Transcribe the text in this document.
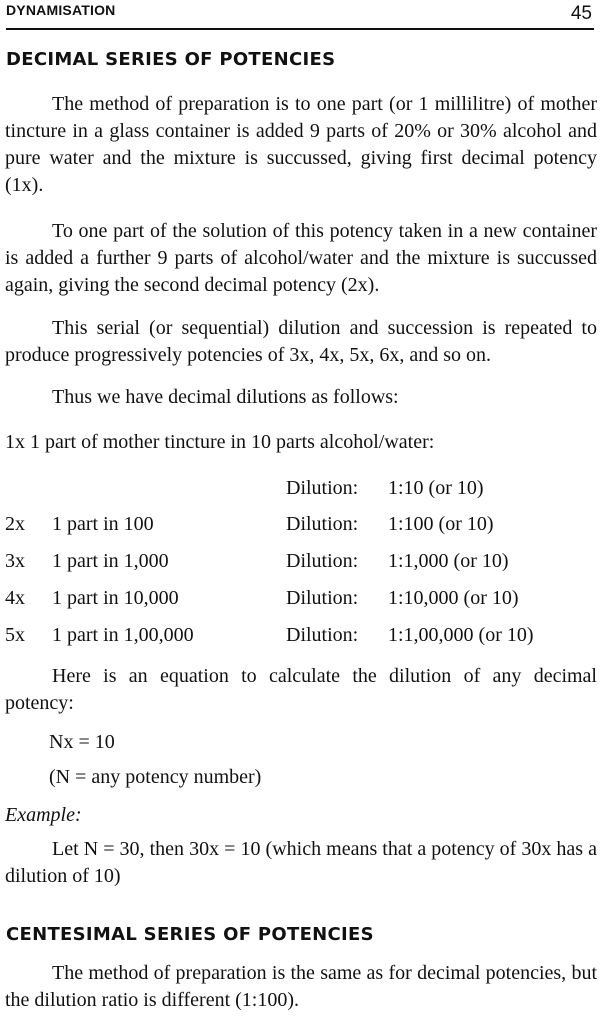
DYNAMISATION	45
DECIMAL SERIES OF POTENCIES

The method of preparation is to one part (or 1 millilitre) of mother tincture in a glass container is added 9 parts of 20% or 30% alcohol and pure water and the mixture is succussed, giving first decimal potency (1x).

To one part of the solution of this potency taken in a new container is added a further 9 parts of alcohol/water and the mixture is succussed again, giving the second decimal potency (2x).

This serial (or sequential) dilution and succession is repeated to produce progressively potencies of 3x, 4x, 5x, 6x, and so on.

Thus we have decimal dilutions as follows:

1x 1 part of mother tincture in 10 parts alcohol/water:
Dilution: 1:10 (or 10)
2x 1 part in 100	Dilution: 1:100 (or 10)
3x 1 part in 1,000	Dilution: 1:1,000 (or 10)
4x 1 part in 10,000	Dilution: 1:10,000 (or 10)
5x 1 part in 1,00,000	Dilution: 1:1,00,000 (or 10)

Here is an equation to calculate the dilution of any decimal potency:

Nx = 10
(N = any potency number)
Example:

Let N = 30, then 30x = 10 (which means that a potency of 30x has a dilution of 10)

CENTESIMAL SERIES OF POTENCIES

The method of preparation is the same as for decimal potencies, but the dilution ratio is different (1:100).
